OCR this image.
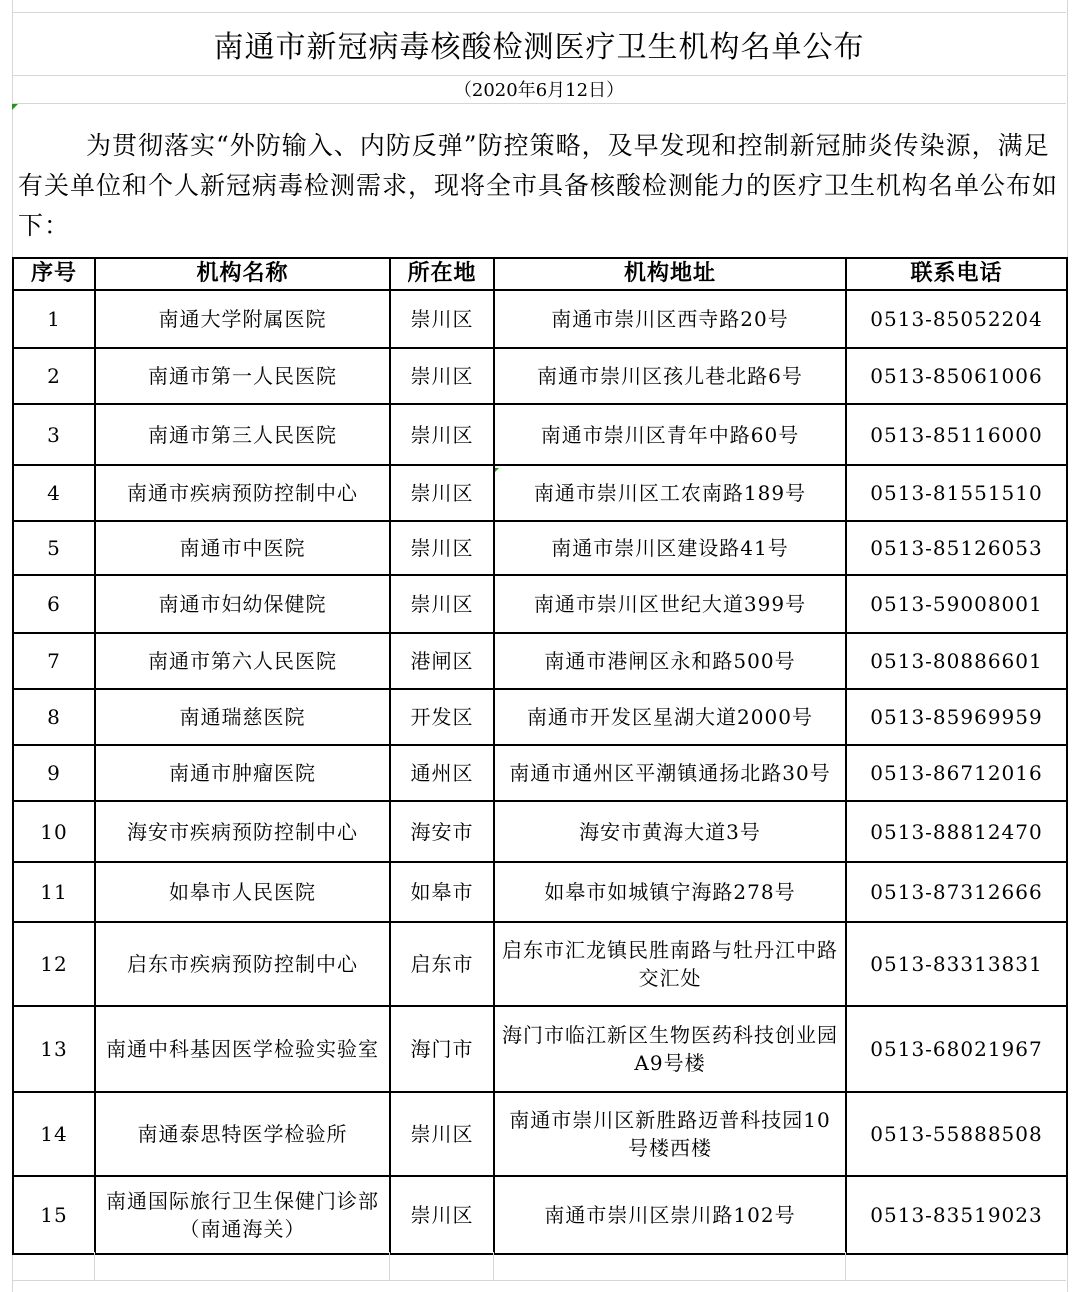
南通市新冠病毒核酸检测医疗卫生机构名单公布
（2020年6月12日）
为贯彻落实“外防输入、内防反弹”防控策略，及早发现和控制新冠肺炎传染源，满足有关单位和个人新冠病毒检测需求，现将全市具备核酸检测能力的医疗卫生机构名单公布如下：
序号	机构名称	所在地	机构地址	联系电话
1	南通大学附属医院	崇川区	南通市崇川区西寺路20号	0513-85052204
2	南通市第一人民医院	崇川区	南通市崇川区孩儿巷北路6号	0513-85061006
3	南通市第三人民医院	崇川区	南通市崇川区青年中路60号	0513-85116000
4	南通市疾病预防控制中心	崇川区	南通市崇川区工农南路189号	0513-81551510
5	南通市中医院	崇川区	南通市崇川区建设路41号	0513-85126053
6	南通市妇幼保健院	崇川区	南通市崇川区世纪大道399号	0513-59008001
7	南通市第六人民医院	港闸区	南通市港闸区永和路500号	0513-80886601
8	南通瑞慈医院	开发区	南通市开发区星湖大道2000号	0513-85969959
9	南通市肿瘤医院	通州区	南通市通州区平潮镇通扬北路30号	0513-86712016
10	海安市疾病预防控制中心	海安市	海安市黄海大道3号	0513-88812470
11	如皋市人民医院	如皋市	如皋市如城镇宁海路278号	0513-87312666
12	启东市疾病预防控制中心	启东市	启东市汇龙镇民胜南路与牡丹江中路交汇处	0513-83313831
13	南通中科基因医学检验实验室	海门市	海门市临江新区生物医药科技创业园A9号楼	0513-68021967
14	南通泰思特医学检验所	崇川区	南通市崇川区新胜路迈普科技园10号楼西楼	0513-55888508
15	南通国际旅行卫生保健门诊部（南通海关）	崇川区	南通市崇川区崇川路102号	0513-83519023
